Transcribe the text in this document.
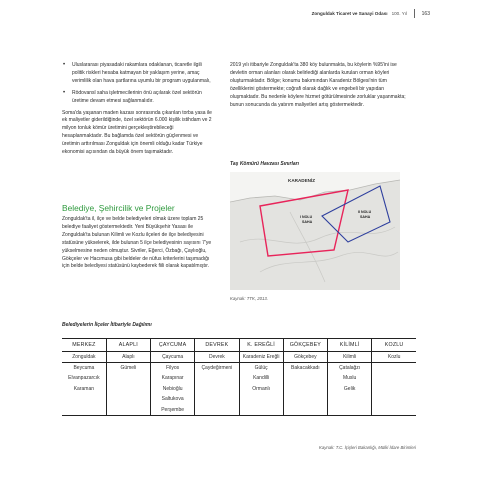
Zonguldak Ticaret ve Sanayi Odası 100. Yıl	163
• Uluslararası piyasadaki rakamlara odaklanan, ticaretle ilgili politik riskleri hesaba katmayan bir yaklaşım yerine, amaç verimlilik olan hava şartlarına uyumlu bir program uygulanmalı,
• Rödovansl saha işletmecilerinin önü açılarak özel sektörün üretime devam etmesi sağlanmalıdır.

Soma'da yaşanan maden kazası sonrasında çıkarılan torba yasa ile ek maliyetler giderildiğinde, özel sektörün 6.000 kişilik istihdam ve 2 milyon tonluk kömür üretimini gerçekleştirebileceği hesaplanmaktadır. Bu bağlamda özel sektörün güçlenmesi ve üretimin arttırılması Zonguldak için önemli olduğu kadar Türkiye ekonomisi açısından da büyük önem taşımaktadır.

2019 yılı itibariyle Zonguldak'ta 380 köy bulunmakta, bu köylerin %95'ini ise devletin orman alanları olarak belirlediği alanlarda kurulan orman köyleri oluşturmaktadır. Bölge; konumu bakımından Karadeniz Bölgesi'nin tüm özelliklerini göstermekte; coğrafi olarak dağlık ve engebeli bir yapıdan oluşmaktadır. Bu nedenle köylere hizmet götürülmesinde zorluklar yaşanmakta; bunun sonucunda da yatırım maliyetleri artış göstermektedir.

Belediye, Şehircilik ve Projeler

Zonguldak'ta il, ilçe ve belde belediyeleri olmak üzere toplam 25 belediye faaliyet göstermektedir. Yeni Büyükşehir Yasası ile Zonguldak'ta bulunan Kilimli ve Kozlu ilçeleri de ilçe belediyesini statüsüne yükselerek, ilde bulunan 5 ilçe belediyesinin sayısını 7'ye yükselmesine neden olmuştur. Sivriler, Eğerci, Özbağı, Çaylıoğlu, Gökçeler ve Hacımusa gibi beldeler de nüfus kriterlerini taşımadığı için belde belediyesi statüsünü kaybederek fiili olarak kapatılmıştır.

Taş Kömürü Havzası Sınırları
KARADENİZ
I NOLU
SAHA
II NOLU
SAHA
Kaynak: TTK, 2013.
Belediyelerin İlçeler İtibariyle Dağılımı
MERKEZ	ALAPLI	ÇAYCUMA	DEVREK	K. EREĞLİ	GÖKÇEBEY	KİLİMLİ	KOZLU
Zonguldak	Alaplı	Çaycuma	Devrek	Karadeniz Ereğli	Gökçebey	Kilimli	Kozlu
Beycuma	Gümeli	Filyos	Çaydeğirmeni	Gülüç	Bakacakkadı	Çatalağzı	
Elvanpazarcık		Karapınar		Kandilli		Muslu	
Karaman		Nebioğlu		Ormanlı		Gelik	
		Saltukova					
		Perşembe					
Kaynak: T.C. İçişleri Bakanlığı, Mülki İdare Birimleri
